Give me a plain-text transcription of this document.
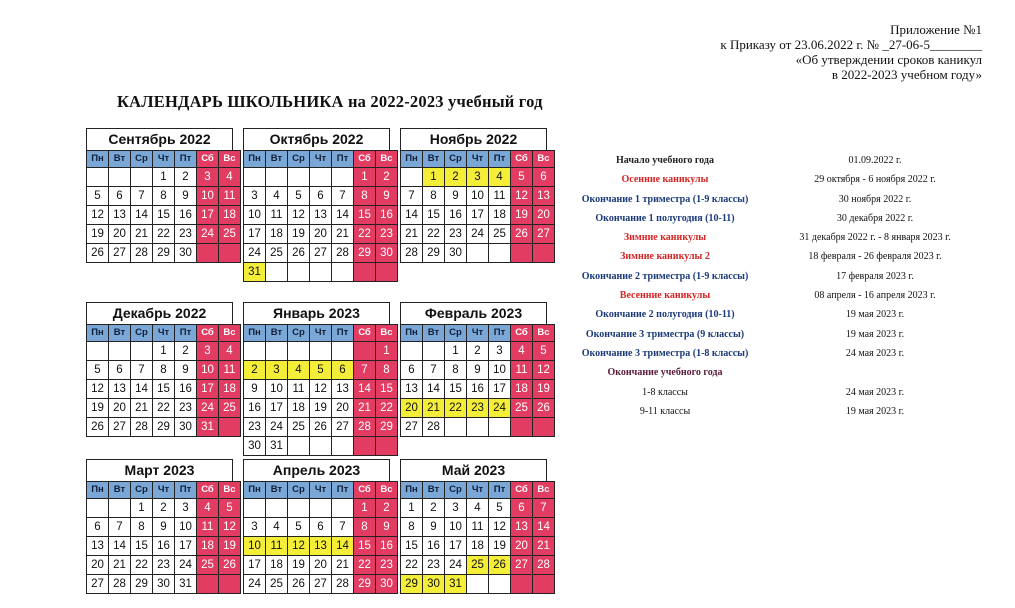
Приложение №1
к Приказу от 23.06.2022 г. № _27-06-5________
«Об утверждении сроков каникул
в 2022-2023 учебном году»
КАЛЕНДАРЬ ШКОЛЬНИКА на 2022-2023 учебный год
Сентябрь 2022
Пн	Вт	Ср	Чт	Пт	Сб	Вс
			1	2	3	4
5	6	7	8	9	10	11
12	13	14	15	16	17	18
19	20	21	22	23	24	25
26	27	28	29	30		
Октябрь 2022
Пн	Вт	Ср	Чт	Пт	Сб	Вс
					1	2
3	4	5	6	7	8	9
10	11	12	13	14	15	16
17	18	19	20	21	22	23
24	25	26	27	28	29	30
31						
Ноябрь 2022
Пн	Вт	Ср	Чт	Пт	Сб	Вс
	1	2	3	4	5	6
7	8	9	10	11	12	13
14	15	16	17	18	19	20
21	22	23	24	25	26	27
28	29	30				
Декабрь 2022
Пн	Вт	Ср	Чт	Пт	Сб	Вс
			1	2	3	4
5	6	7	8	9	10	11
12	13	14	15	16	17	18
19	20	21	22	23	24	25
26	27	28	29	30	31	
Январь 2023
Пн	Вт	Ср	Чт	Пт	Сб	Вс
						1
2	3	4	5	6	7	8
9	10	11	12	13	14	15
16	17	18	19	20	21	22
23	24	25	26	27	28	29
30	31					
Февраль 2023
Пн	Вт	Ср	Чт	Пт	Сб	Вс
		1	2	3	4	5
6	7	8	9	10	11	12
13	14	15	16	17	18	19
20	21	22	23	24	25	26
27	28					
Март 2023
Пн	Вт	Ср	Чт	Пт	Сб	Вс
		1	2	3	4	5
6	7	8	9	10	11	12
13	14	15	16	17	18	19
20	21	22	23	24	25	26
27	28	29	30	31		
Апрель 2023
Пн	Вт	Ср	Чт	Пт	Сб	Вс
					1	2
3	4	5	6	7	8	9
10	11	12	13	14	15	16
17	18	19	20	21	22	23
24	25	26	27	28	29	30
Май 2023
Пн	Вт	Ср	Чт	Пт	Сб	Вс
1	2	3	4	5	6	7
8	9	10	11	12	13	14
15	16	17	18	19	20	21
22	23	24	25	26	27	28
29	30	31				
Начало учебного года	01.09.2022 г.
Осенние каникулы	29 октября - 6 ноября 2022 г.
Окончание 1 триместра (1-9 классы)	30 ноября 2022 г.
Окончание 1 полугодия (10-11)	30 декабря 2022 г.
Зимние каникулы	31 декабря 2022 г. - 8 января 2023 г.
Зимние каникулы 2	18 февраля - 26 февраля 2023 г.
Окончание 2 триместра (1-9 классы)	17 февраля 2023 г.
Весенние каникулы	08 апреля - 16 апреля 2023 г.
Окончание 2 полугодия (10-11)	19 мая 2023 г.
Окончание 3 триместра (9 классы)	19 мая 2023 г.
Окончание 3 триместра (1-8 классы)	24 мая 2023 г.
Окончание учебного года
1-8 классы	24 мая 2023 г.
9-11 классы	19 мая 2023 г.
